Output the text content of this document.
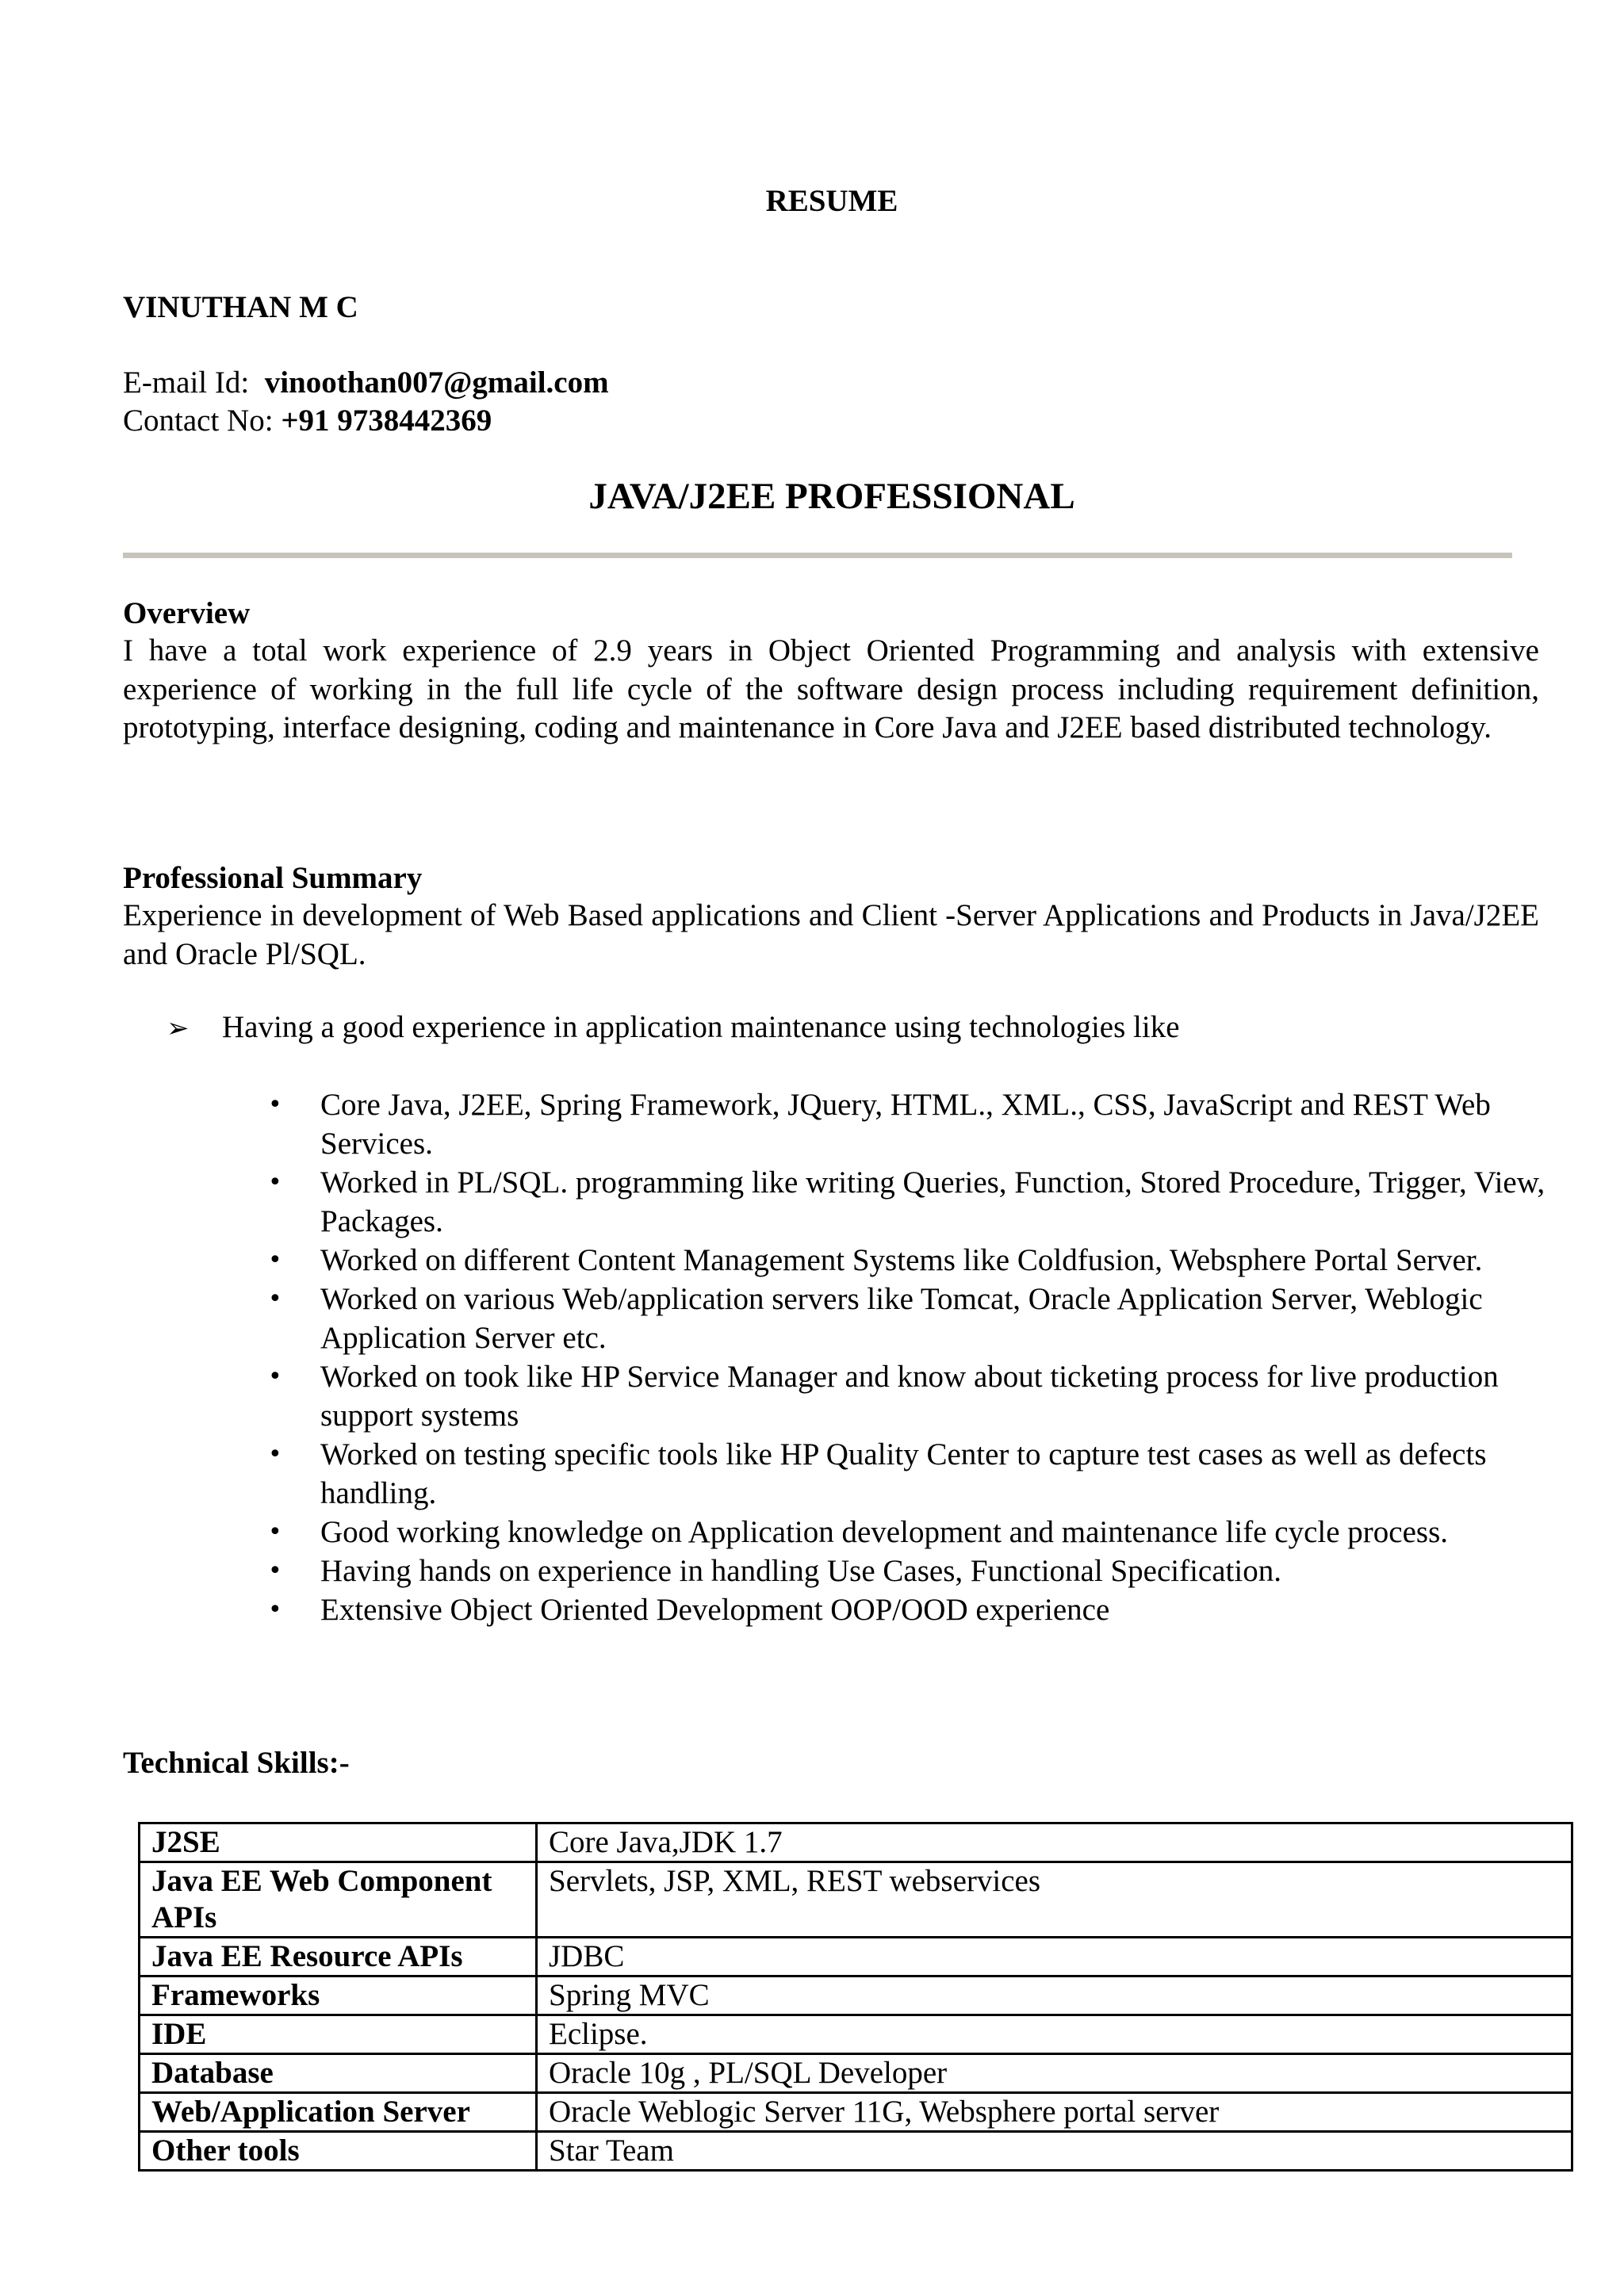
RESUME
VINUTHAN M C
E-mail Id: vinoothan007@gmail.com
Contact No: +91 9738442369
JAVA/J2EE PROFESSIONAL
Overview
I have a total work experience of 2.9 years in Object Oriented Programming and analysis with extensive experience of working in the full life cycle of the software design process including requirement definition, prototyping, interface designing, coding and maintenance in Core Java and J2EE based distributed technology.
Professional Summary
Experience in development of Web Based applications and Client -Server Applications and Products in Java/J2EE and Oracle Pl/SQL.
➢ Having a good experience in application maintenance using technologies like
• Core Java, J2EE, Spring Framework, JQuery, HTML., XML., CSS, JavaScript and REST Web Services.
• Worked in PL/SQL. programming like writing Queries, Function, Stored Procedure, Trigger, View, Packages.
• Worked on different Content Management Systems like Coldfusion, Websphere Portal Server.
• Worked on various Web/application servers like Tomcat, Oracle Application Server, Weblogic Application Server etc.
• Worked on took like HP Service Manager and know about ticketing process for live production support systems
• Worked on testing specific tools like HP Quality Center to capture test cases as well as defects handling.
• Good working knowledge on Application development and maintenance life cycle process.
• Having hands on experience in handling Use Cases, Functional Specification.
• Extensive Object Oriented Development OOP/OOD experience
Technical Skills:-
J2SE	Core Java,JDK 1.7
Java EE Web Component APIs	Servlets, JSP, XML, REST webservices
Java EE Resource APIs	JDBC
Frameworks	Spring MVC
IDE	Eclipse.
Database	Oracle 10g , PL/SQL Developer
Web/Application Server	Oracle Weblogic Server 11G, Websphere portal server
Other tools	Star Team
